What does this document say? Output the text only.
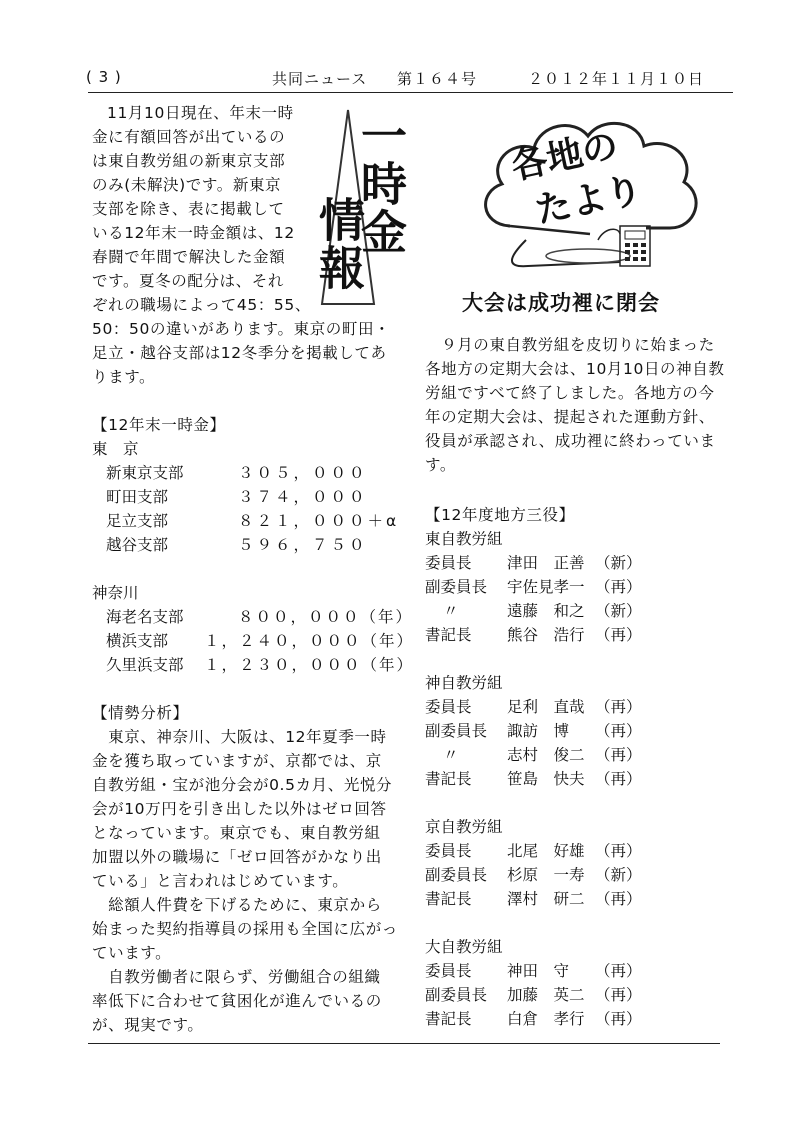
( 3 )	共同ニュース 第１６４号	２０１２年１１月１０日
一時金
情報
11月10日現在、年末一時
金に有額回答が出ているの
は東自教労組の新東京支部
のみ(未解決)です。新東京
支部を除き、表に掲載して
いる12年末一時金額は、12
春闘で年間で解決した金額
です。夏冬の配分は、それ
ぞれの職場によって45：55、
50：50の違いがあります。東京の町田・
足立・越谷支部は12冬季分を掲載してあ
ります。
【12年末一時金】
東　京
新東京支部	３０５，０００
町田支部	３７４，０００
足立支部	８２１，０００＋α
越谷支部	５９６，７５０
神奈川
海老名支部	８００，０００（年）
横浜支部 １，２４０，０００（年）
久里浜支部 １，２３０，０００（年）
【情勢分析】
　東京、神奈川、大阪は、12年夏季一時
金を獲ち取っていますが、京都では、京
自教労組・宝が池分会が0.5カ月、光悦分
会が10万円を引き出した以外はゼロ回答
となっています。東京でも、東自教労組
加盟以外の職場に「ゼロ回答がかなり出
ている」と言われはじめています。
　総額人件費を下げるために、東京から
始まった契約指導員の採用も全国に広がっ
ています。
　自教労働者に限らず、労働組合の組織
率低下に合わせて貧困化が進んでいるの
が、現実です。
各地の
たより
大会は成功裡に閉会
　９月の東自教労組を皮切りに始まった
各地方の定期大会は、10月10日の神自教
労組ですべて終了しました。各地方の今
年の定期大会は、提起された運動方針、
役員が承認され、成功裡に終わっていま
す。
【12年度地方三役】
東自教労組
委員長 津田　正善 （新）
副委員長 宇佐見孝一 （再）
〃	遠藤　和之 （新）
書記長 熊谷　浩行 （再）
神自教労組
委員長 足利　直哉 （再）
副委員長 諏訪　博 （再）
〃	志村　俊二 （再）
書記長 笹島　快夫 （再）
京自教労組
委員長 北尾　好雄 （再）
副委員長 杉原　一寿 （新）
書記長 澤村　研二 （再）
大自教労組
委員長 神田　守 （再）
副委員長 加藤　英二 （再）
書記長 白倉　孝行 （再）
